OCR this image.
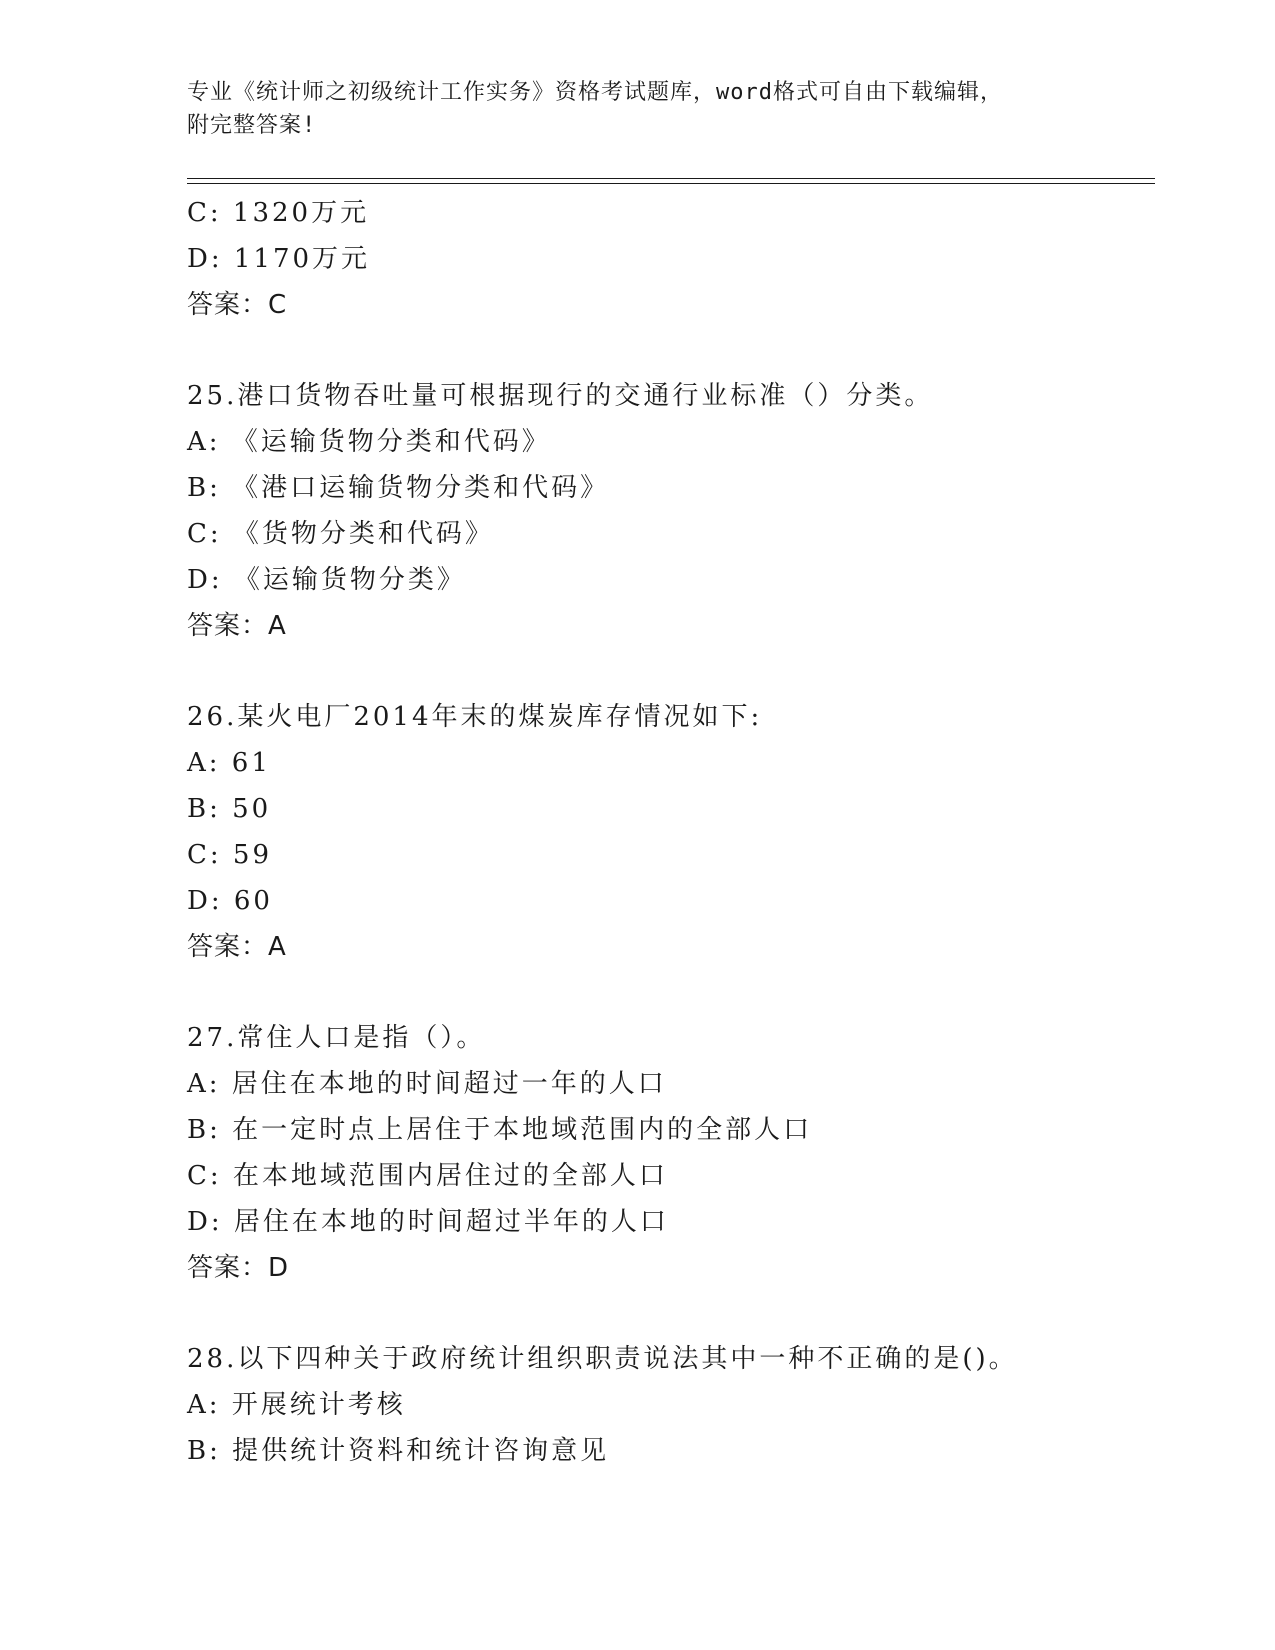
专业《统计师之初级统计工作实务》资格考试题库，word格式可自由下载编辑，
附完整答案!
C: 1320万元
D: 1170万元
答案：C
25.港口货物吞吐量可根据现行的交通行业标准（）分类。
A: 《运输货物分类和代码》
B: 《港口运输货物分类和代码》
C: 《货物分类和代码》
D: 《运输货物分类》
答案：A
26.某火电厂2014年末的煤炭库存情况如下:
A: 61
B: 50
C: 59
D: 60
答案：A
27.常住人口是指（）。
A: 居住在本地的时间超过一年的人口
B: 在一定时点上居住于本地域范围内的全部人口
C: 在本地域范围内居住过的全部人口
D: 居住在本地的时间超过半年的人口
答案：D
28.以下四种关于政府统计组织职责说法其中一种不正确的是()。
A: 开展统计考核
B: 提供统计资料和统计咨询意见
